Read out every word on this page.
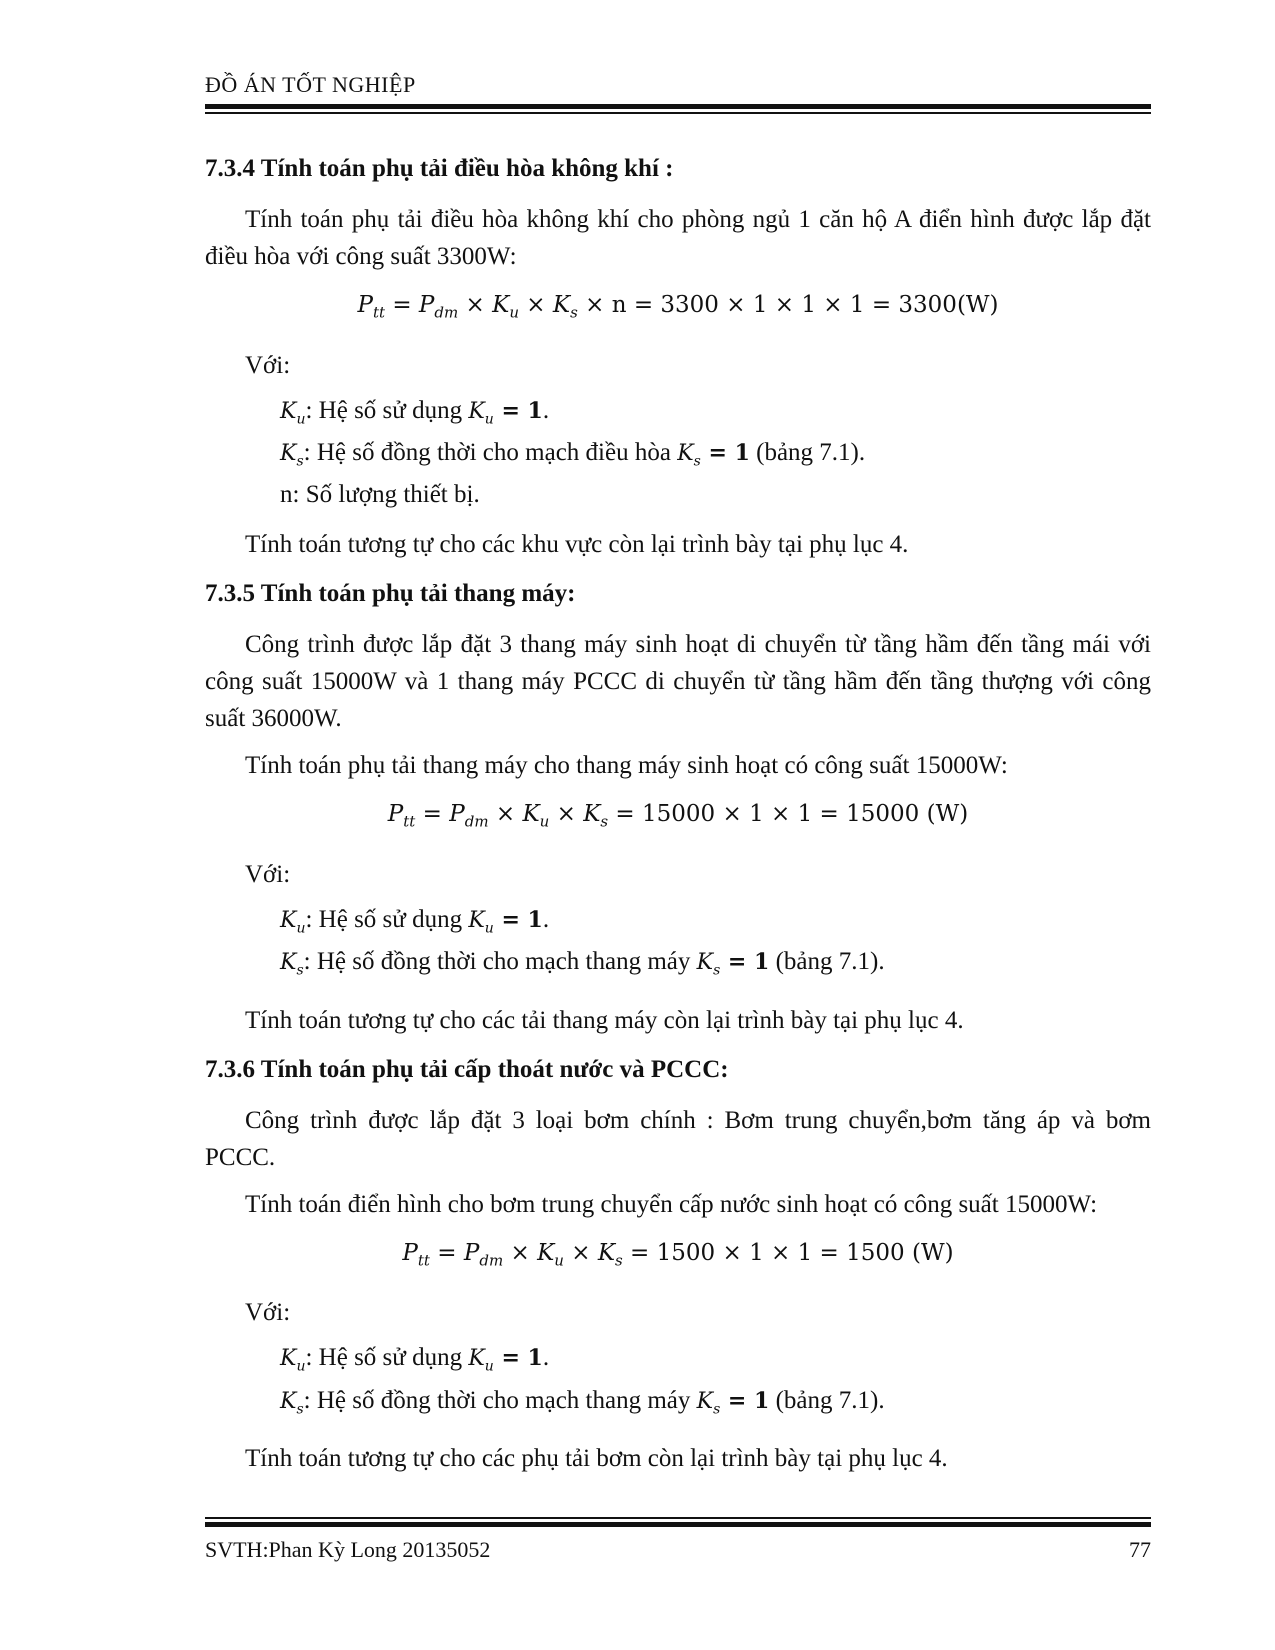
ĐỒ ÁN TỐT NGHIỆP
7.3.4 Tính toán phụ tải điều hòa không khí :

Tính toán phụ tải điều hòa không khí cho phòng ngủ 1 căn hộ A điển hình được lắp đặt điều hòa với công suất 3300W:

$P_{tt} = P_{dm} \times K_u \times K_s \times n = 3300 \times 1 \times 1 \times 1 = 3300(W)$

Với:

$K_u$: Hệ số sử dụng $K_u = 1$.
$K_s$: Hệ số đồng thời cho mạch điều hòa $K_s = 1$ (bảng 7.1).
n: Số lượng thiết bị.

Tính toán tương tự cho các khu vực còn lại trình bày tại phụ lục 4.

7.3.5 Tính toán phụ tải thang máy:

Công trình được lắp đặt 3 thang máy sinh hoạt di chuyển từ tầng hầm đến tầng mái với công suất 15000W và 1 thang máy PCCC di chuyển từ tầng hầm đến tầng thượng với công suất 36000W.

Tính toán phụ tải thang máy cho thang máy sinh hoạt có công suất 15000W:

$P_{tt} = P_{dm} \times K_u \times K_s = 15000 \times 1 \times 1 = 15000$ (W)

Với:

$K_u$: Hệ số sử dụng $K_u = 1$.
$K_s$: Hệ số đồng thời cho mạch thang máy $K_s = 1$ (bảng 7.1).

Tính toán tương tự cho các tải thang máy còn lại trình bày tại phụ lục 4.

7.3.6 Tính toán phụ tải cấp thoát nước và PCCC:

Công trình được lắp đặt 3 loại bơm chính : Bơm trung chuyển,bơm tăng áp và bơm PCCC.

Tính toán điển hình cho bơm trung chuyển cấp nước sinh hoạt có công suất 15000W:

$P_{tt} = P_{dm} \times K_u \times K_s = 1500 \times 1 \times 1 = 1500$ (W)

Với:

$K_u$: Hệ số sử dụng $K_u = 1$.
$K_s$: Hệ số đồng thời cho mạch thang máy $K_s = 1$ (bảng 7.1).

Tính toán tương tự cho các phụ tải bơm còn lại trình bày tại phụ lục 4.

SVTH:Phan Kỳ Long 20135052	77
